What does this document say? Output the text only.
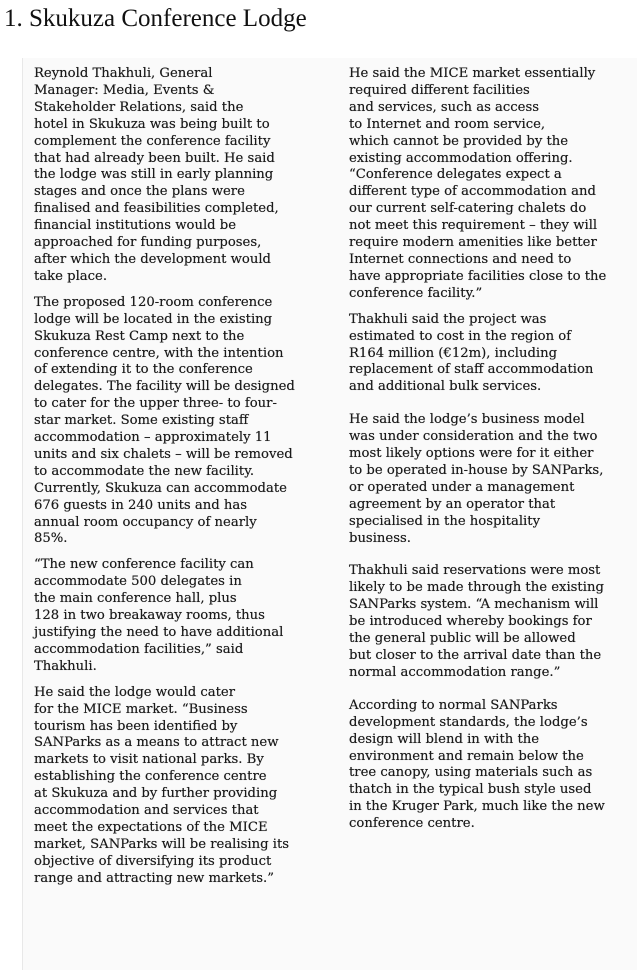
1. Skukuza Conference Lodge

Reynold Thakhuli, General
Manager: Media, Events &
Stakeholder Relations, said the
hotel in Skukuza was being built to
complement the conference facility
that had already been built. He said
the lodge was still in early planning
stages and once the plans were
finalised and feasibilities completed,
financial institutions would be
approached for funding purposes,
after which the development would
take place.

The proposed 120-room conference
lodge will be located in the existing
Skukuza Rest Camp next to the
conference centre, with the intention
of extending it to the conference
delegates. The facility will be designed
to cater for the upper three- to four-
star market. Some existing staff
accommodation – approximately 11
units and six chalets – will be removed
to accommodate the new facility.
Currently, Skukuza can accommodate
676 guests in 240 units and has
annual room occupancy of nearly
85%.

“The new conference facility can
accommodate 500 delegates in
the main conference hall, plus
128 in two breakaway rooms, thus
justifying the need to have additional
accommodation facilities,” said
Thakhuli.

He said the lodge would cater
for the MICE market. “Business
tourism has been identified by
SANParks as a means to attract new
markets to visit national parks. By
establishing the conference centre
at Skukuza and by further providing
accommodation and services that
meet the expectations of the MICE
market, SANParks will be realising its
objective of diversifying its product
range and attracting new markets.”

He said the MICE market essentially
required different facilities
and services, such as access
to Internet and room service,
which cannot be provided by the
existing accommodation offering.
“Conference delegates expect a
different type of accommodation and
our current self-catering chalets do
not meet this requirement – they will
require modern amenities like better
Internet connections and need to
have appropriate facilities close to the
conference facility.”

Thakhuli said the project was
estimated to cost in the region of
R164 million (€12m), including
replacement of staff accommodation
and additional bulk services.

He said the lodge’s business model
was under consideration and the two
most likely options were for it either
to be operated in-house by SANParks,
or operated under a management
agreement by an operator that
specialised in the hospitality
business.

Thakhuli said reservations were most
likely to be made through the existing
SANParks system. “A mechanism will
be introduced whereby bookings for
the general public will be allowed
but closer to the arrival date than the
normal accommodation range.”

According to normal SANParks
development standards, the lodge’s
design will blend in with the
environment and remain below the
tree canopy, using materials such as
thatch in the typical bush style used
in the Kruger Park, much like the new
conference centre.
